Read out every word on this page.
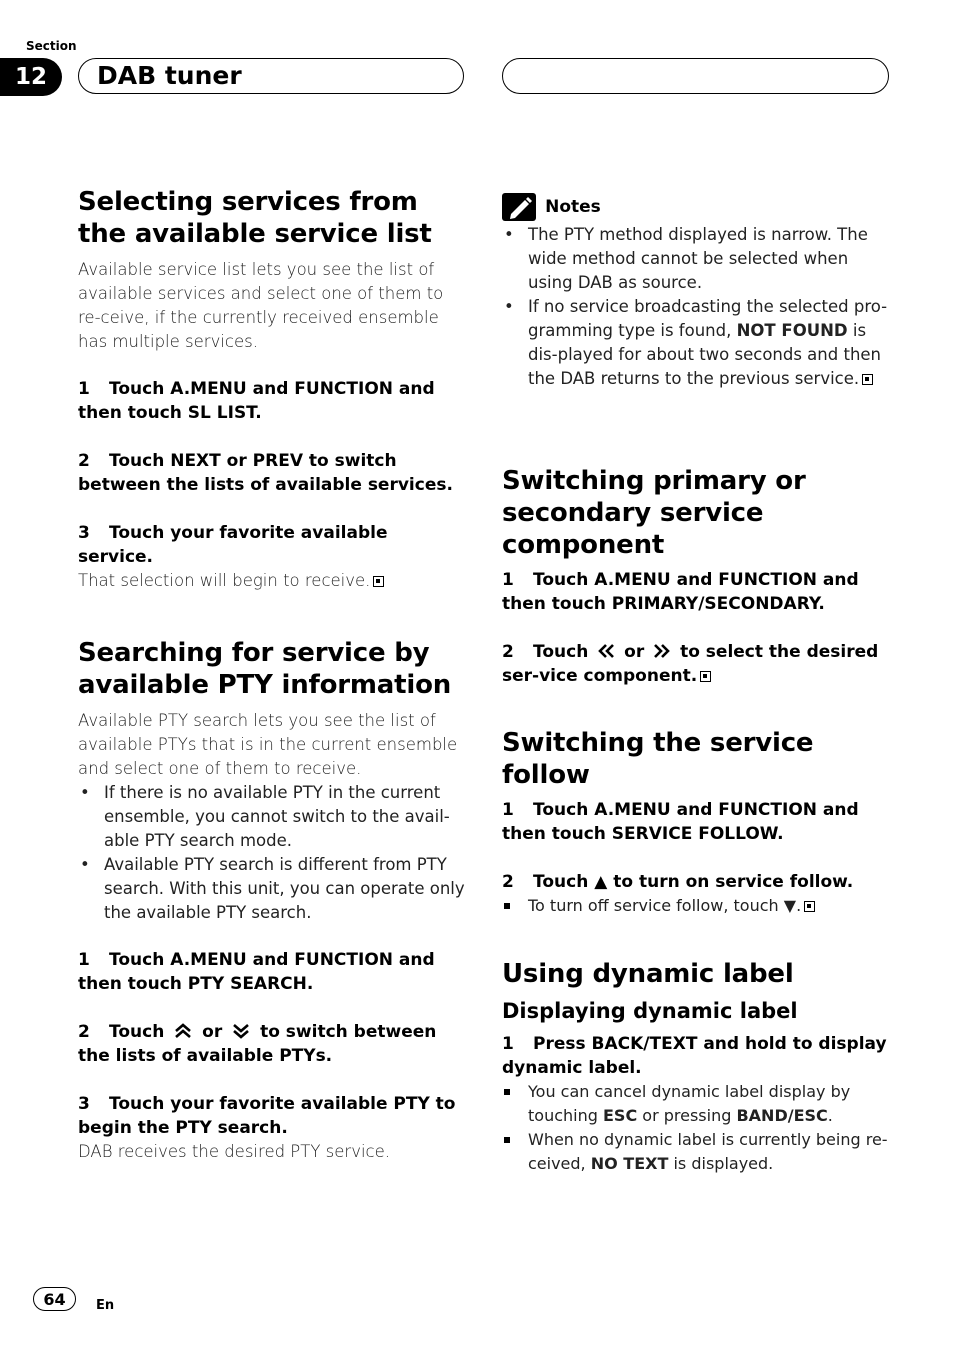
Section
12 DAB tuner
Selecting services from the available service list

Available service list lets you see the list of available services and select one of them to re-ceive, if the currently received ensemble has multiple services.

1 Touch A.MENU and FUNCTION and then touch SL LIST.

2 Touch NEXT or PREV to switch between the lists of available services.

3 Touch your favorite available service.

That selection will begin to receive.

Searching for service by available PTY information

Available PTY search lets you see the list of available PTYs that is in the current ensemble and select one of them to receive.

• If there is no available PTY in the current ensemble, you cannot switch to the avail-able PTY search mode.
• Available PTY search is different from PTY search. With this unit, you can operate only the available PTY search.

1 Touch A.MENU and FUNCTION and then touch PTY SEARCH.

2 Touch or to switch between the lists of available PTYs.

3 Touch your favorite available PTY to begin the PTY search.

DAB receives the desired PTY service.

Notes
• The PTY method displayed is narrow. The wide method cannot be selected when using DAB as source.
• If no service broadcasting the selected pro-gramming type is found, NOT FOUND is dis-played for about two seconds and then the DAB returns to the previous service.
Switching primary or secondary service component

1 Touch A.MENU and FUNCTION and then touch PRIMARY/SECONDARY.

2 Touch or to select the desired ser-vice component.

Switching the service follow

1 Touch A.MENU and FUNCTION and then touch SERVICE FOLLOW.

2 Touch ▲ to turn on service follow.

To turn off service follow, touch ▼.
Using dynamic label
Displaying dynamic label

1 Press BACK/TEXT and hold to display dynamic label.

You can cancel dynamic label display by touching ESC or pressing BAND/ESC.
When no dynamic label is currently being re-ceived, NO TEXT is displayed.
64 En
